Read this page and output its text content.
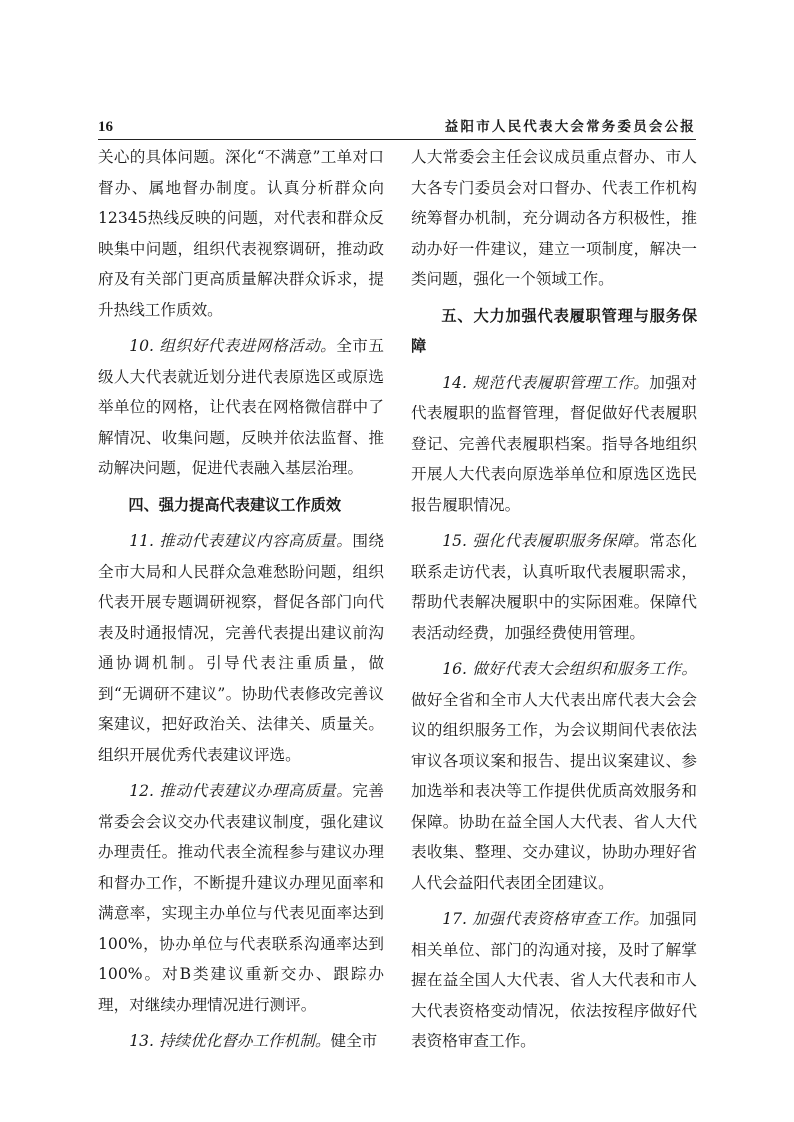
16	益阳市人民代表大会常务委员会公报

关心的具体问题。深化“不满意”工单对口督办、属地督办制度。认真分析群众向12345热线反映的问题，对代表和群众反映集中问题，组织代表视察调研，推动政府及有关部门更高质量解决群众诉求，提升热线工作质效。

10. 组织好代表进网格活动。全市五级人大代表就近划分进代表原选区或原选举单位的网格，让代表在网格微信群中了解情况、收集问题，反映并依法监督、推动解决问题，促进代表融入基层治理。

四、强力提高代表建议工作质效

11. 推动代表建议内容高质量。围绕全市大局和人民群众急难愁盼问题，组织代表开展专题调研视察，督促各部门向代表及时通报情况，完善代表提出建议前沟通协调机制。引导代表注重质量，做到“无调研不建议”。协助代表修改完善议案建议，把好政治关、法律关、质量关。组织开展优秀代表建议评选。

12. 推动代表建议办理高质量。完善常委会会议交办代表建议制度，强化建议办理责任。推动代表全流程参与建议办理和督办工作，不断提升建议办理见面率和满意率，实现主办单位与代表见面率达到100%，协办单位与代表联系沟通率达到100%。对B类建议重新交办、跟踪办理，对继续办理情况进行测评。

13. 持续优化督办工作机制。健全市

人大常委会主任会议成员重点督办、市人大各专门委员会对口督办、代表工作机构统筹督办机制，充分调动各方积极性，推动办好一件建议，建立一项制度，解决一类问题，强化一个领域工作。

五、大力加强代表履职管理与服务保障

14. 规范代表履职管理工作。加强对代表履职的监督管理，督促做好代表履职登记、完善代表履职档案。指导各地组织开展人大代表向原选举单位和原选区选民报告履职情况。

15. 强化代表履职服务保障。常态化联系走访代表，认真听取代表履职需求，帮助代表解决履职中的实际困难。保障代表活动经费，加强经费使用管理。

16. 做好代表大会组织和服务工作。做好全省和全市人大代表出席代表大会会议的组织服务工作，为会议期间代表依法审议各项议案和报告、提出议案建议、参加选举和表决等工作提供优质高效服务和保障。协助在益全国人大代表、省人大代表收集、整理、交办建议，协助办理好省人代会益阳代表团全团建议。

17. 加强代表资格审查工作。加强同相关单位、部门的沟通对接，及时了解掌握在益全国人大代表、省人大代表和市人大代表资格变动情况，依法按程序做好代表资格审查工作。
